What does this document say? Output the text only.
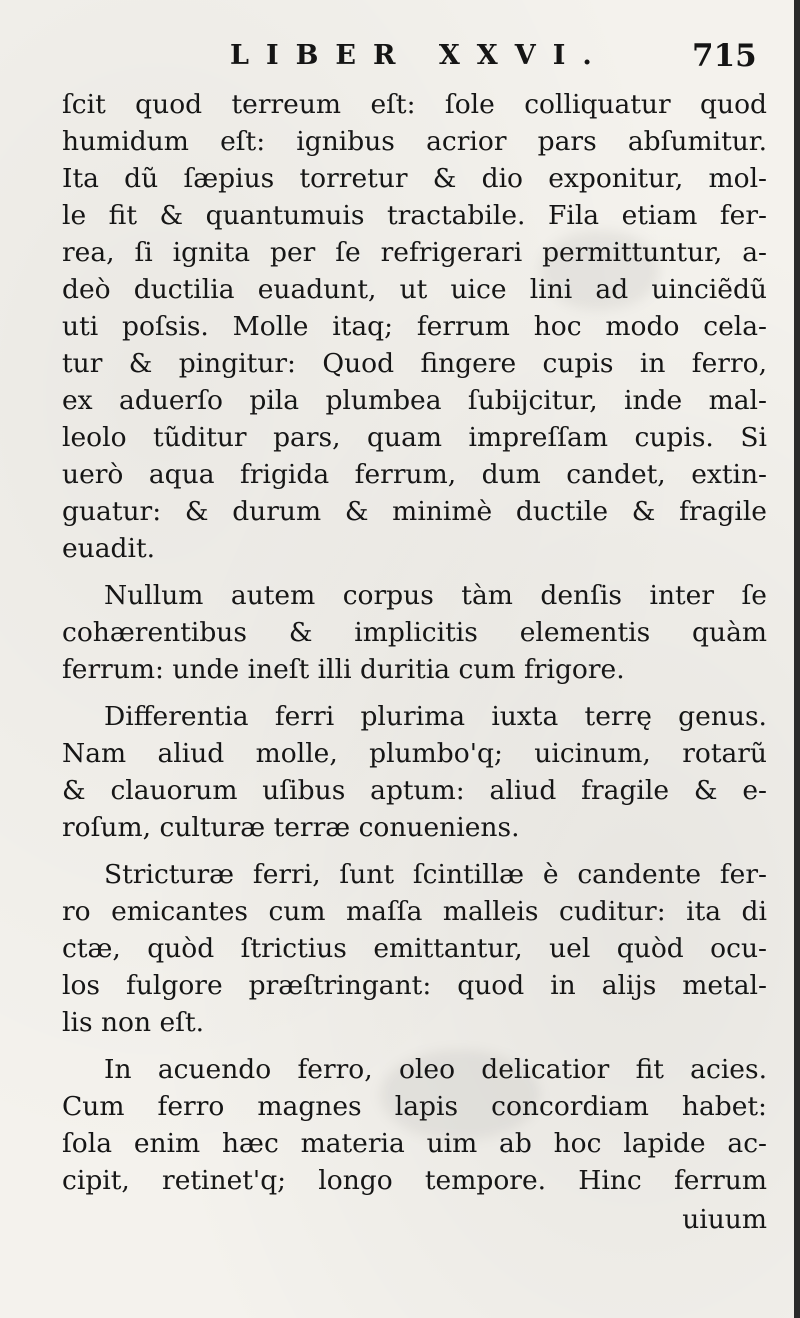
LIBER XXVI.	715
ſcit quod terreum eſt: ſole colliquatur quod
humidum eſt: ignibus acrior pars abſumitur.
Ita dũ ſæpius torretur & dio exponitur, mol-
le fit & quantumuis tractabile. Fila etiam fer-
rea, ſi ignita per ſe refrigerari permittuntur, a-
deò ductilia euadunt, ut uice lini ad uinciẽdũ
uti poſsis. Molle itaq; ferrum hoc modo cela-
tur & pingitur: Quod fingere cupis in ferro,
ex aduerſo pila plumbea ſubijcitur, inde mal-
leolo tũditur pars, quam impreſſam cupis. Si
uerò aqua frigida ferrum, dum candet, extin-
guatur: & durum & minimè ductile & fragile
euadit.
Nullum autem corpus tàm denſis inter ſe
cohærentibus & implicitis elementis quàm
ferrum: unde ineſt illi duritia cum frigore.
Differentia ferri plurima iuxta terrę genus.
Nam aliud molle, plumbo'q; uicinum, rotarũ
& clauorum uſibus aptum: aliud fragile & e-
roſum, culturæ terræ conueniens.
Stricturæ ferri, ſunt ſcintillæ è candente fer-
ro emicantes cum maſſa malleis cuditur: ita di
ctæ, quòd ſtrictius emittantur, uel quòd ocu-
los fulgore præſtringant: quod in alijs metal-
lis non eſt.
In acuendo ferro, oleo delicatior fit acies.
Cum ferro magnes lapis concordiam habet:
ſola enim hæc materia uim ab hoc lapide ac-
cipit, retinet'q; longo tempore. Hinc ferrum
uiuum
